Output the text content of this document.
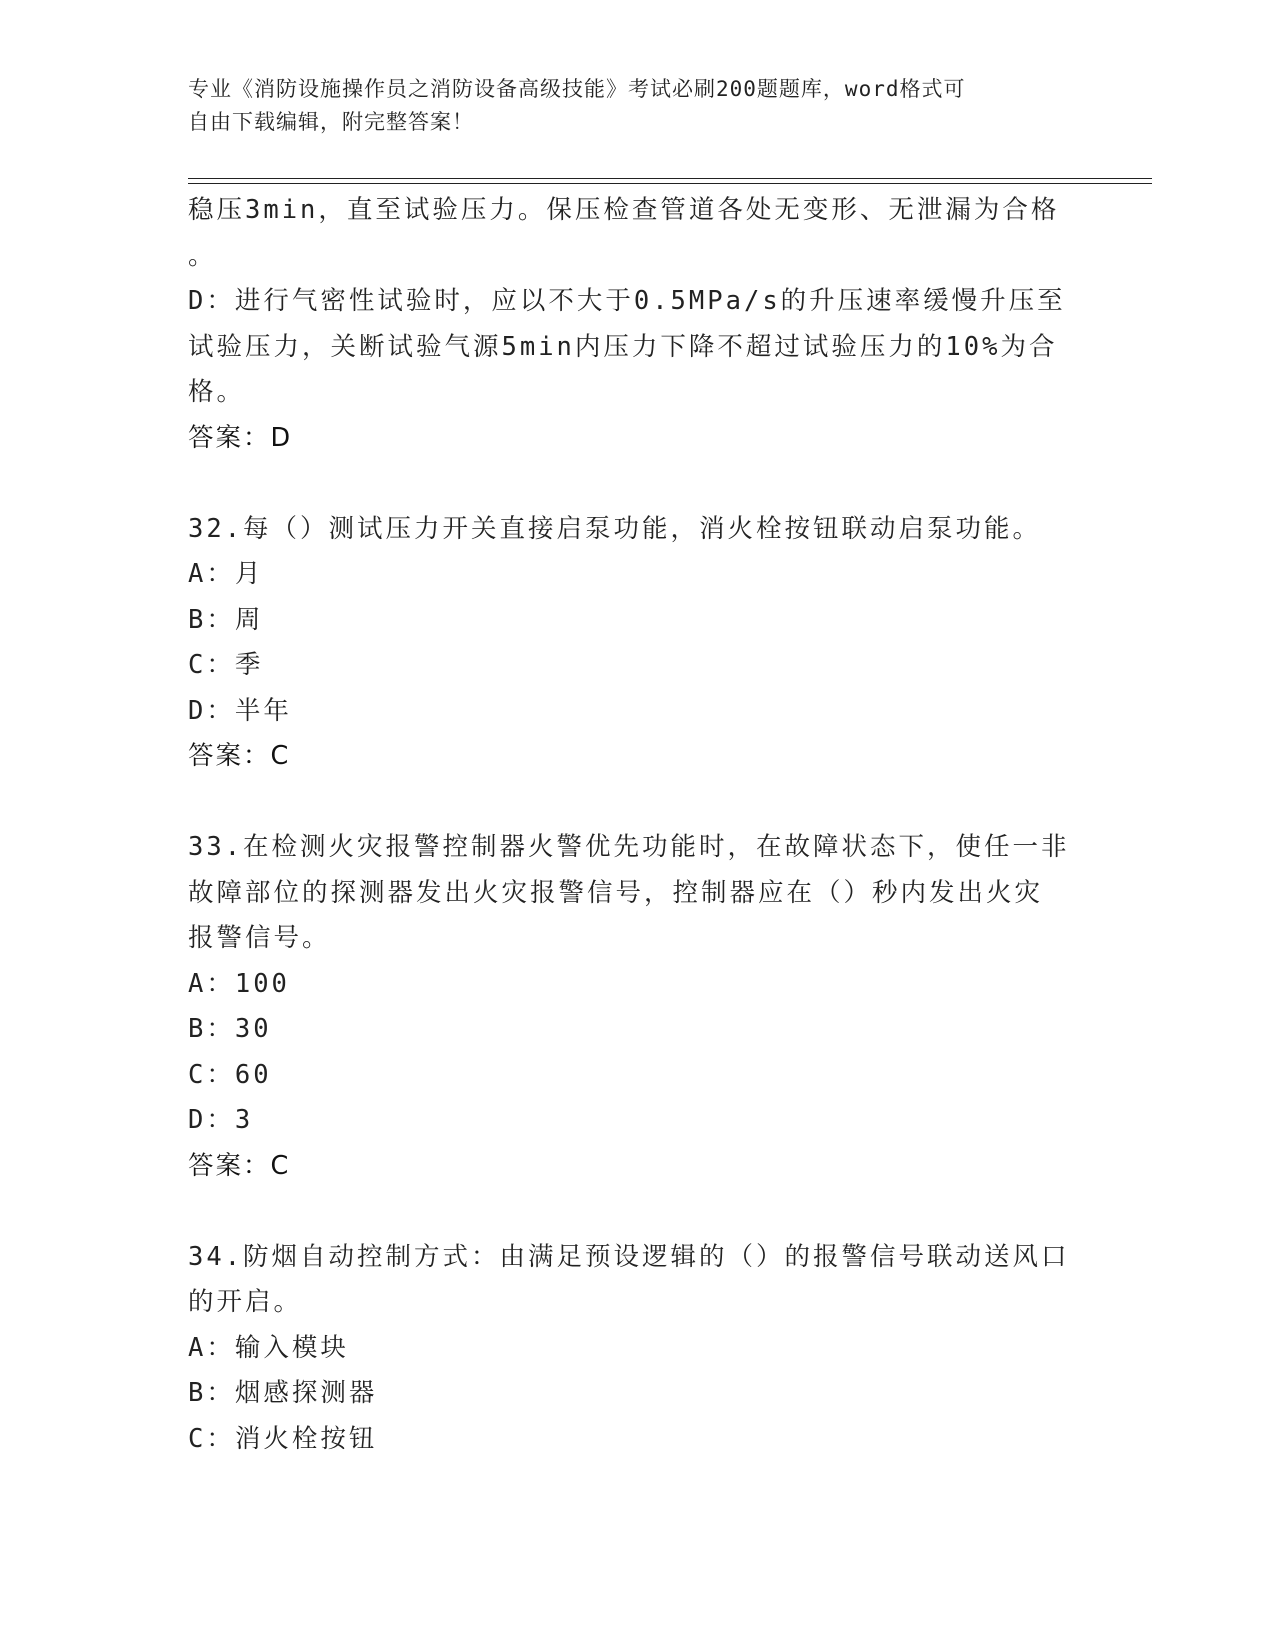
专业《消防设施操作员之消防设备高级技能》考试必刷200题题库，word格式可
自由下载编辑，附完整答案！
稳压3min，直至试验压力。保压检查管道各处无变形、无泄漏为合格
。
D：进行气密性试验时，应以不大于0.5MPa/s的升压速率缓慢升压至
试验压力，关断试验气源5min内压力下降不超过试验压力的10%为合
格。
答案：D
32.每（）测试压力开关直接启泵功能，消火栓按钮联动启泵功能。
A：月
B：周
C：季
D：半年
答案：C
33.在检测火灾报警控制器火警优先功能时，在故障状态下，使任一非
故障部位的探测器发出火灾报警信号，控制器应在（）秒内发出火灾
报警信号。
A：100
B：30
C：60
D：3
答案：C
34.防烟自动控制方式：由满足预设逻辑的（）的报警信号联动送风口
的开启。
A：输入模块
B：烟感探测器
C：消火栓按钮
